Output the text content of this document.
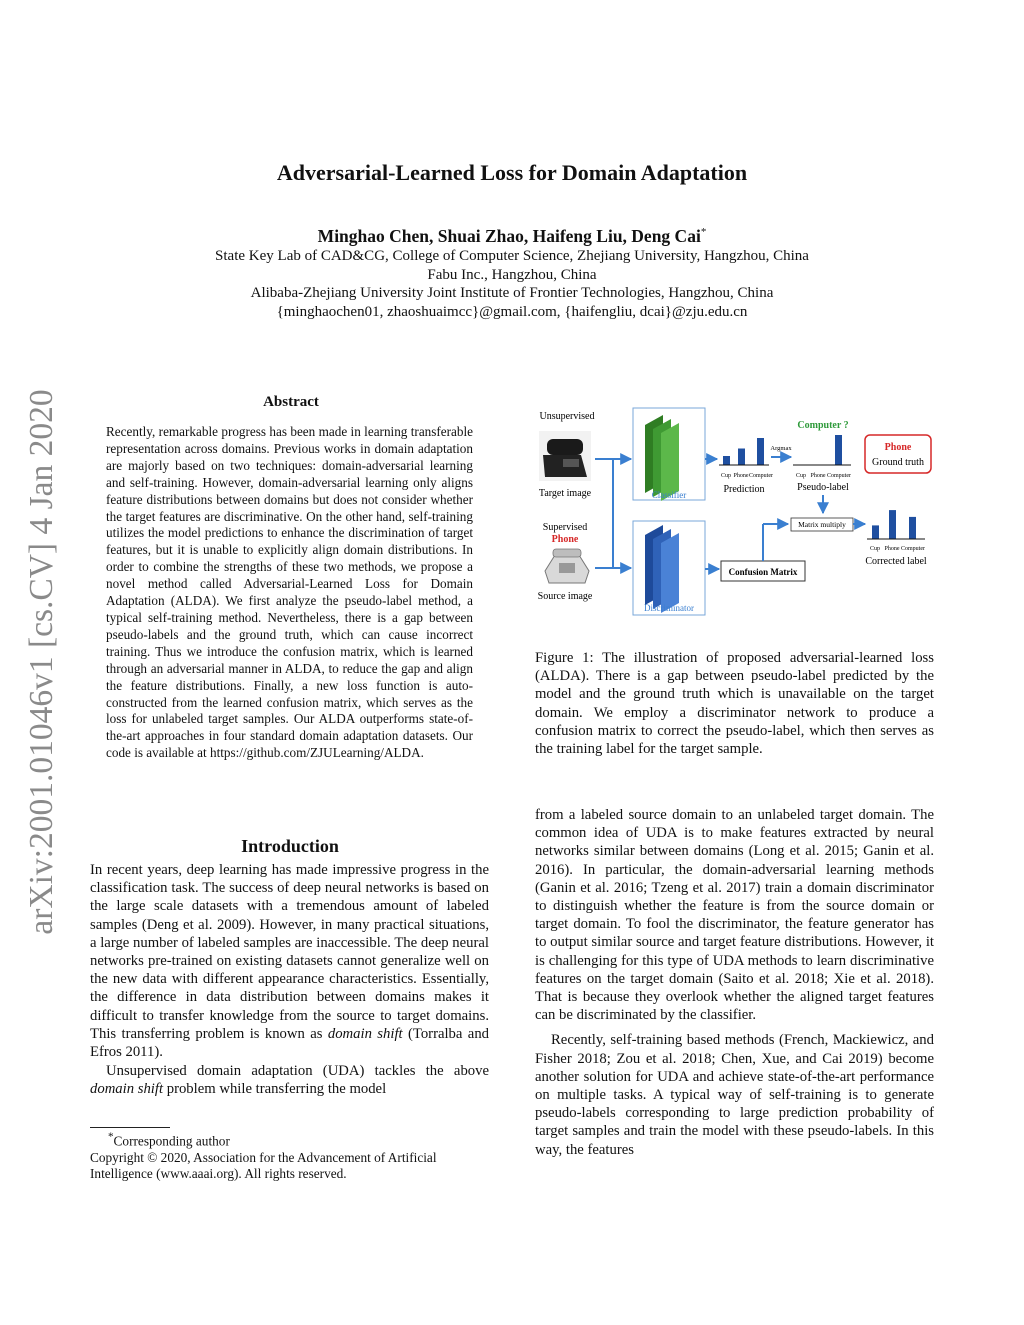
arXiv:2001.01046v1 [cs.CV] 4 Jan 2020
Adversarial-Learned Loss for Domain Adaptation
Minghao Chen, Shuai Zhao, Haifeng Liu, Deng Cai*
State Key Lab of CAD&CG, College of Computer Science, Zhejiang University, Hangzhou, China
Fabu Inc., Hangzhou, China
Alibaba-Zhejiang University Joint Institute of Frontier Technologies, Hangzhou, China
{minghaochen01, zhaoshuaimcc}@gmail.com, {haifengliu, dcai}@zju.edu.cn
Abstract

Recently, remarkable progress has been made in learning transferable representation across domains. Previous works in domain adaptation are majorly based on two techniques: domain-adversarial learning and self-training. However, domain-adversarial learning only aligns feature distributions between domains but does not consider whether the target features are discriminative. On the other hand, self-training utilizes the model predictions to enhance the discrimination of target features, but it is unable to explicitly align domain distributions. In order to combine the strengths of these two methods, we propose a novel method called Adversarial-Learned Loss for Domain Adaptation (ALDA). We first analyze the pseudo-label method, a typical self-training method. Nevertheless, there is a gap between pseudo-labels and the ground truth, which can cause incorrect training. Thus we introduce the confusion matrix, which is learned through an adversarial manner in ALDA, to reduce the gap and align the feature distributions. Finally, a new loss function is auto-constructed from the learned confusion matrix, which serves as the loss for unlabeled target samples. Our ALDA outperforms state-of-the-art approaches in four standard domain adaptation datasets. Our code is available at https://github.com/ZJULearning/ALDA.

Introduction

In recent years, deep learning has made impressive progress in the classification task. The success of deep neural networks is based on the large scale datasets with a tremendous amount of labeled samples (Deng et al. 2009). However, in many practical situations, a large number of labeled samples are inaccessible. The deep neural networks pre-trained on existing datasets cannot generalize well on the new data with different appearance characteristics. Essentially, the difference in data distribution between domains makes it difficult to transfer knowledge from the source to target domains. This transferring problem is known as domain shift (Torralba and Efros 2011).

Unsupervised domain adaptation (UDA) tackles the above domain shift problem while transferring the model

*Corresponding author
Copyright © 2020, Association for the Advancement of Artificial Intelligence (www.aaai.org). All rights reserved.
Unsupervised
Target image
Supervised
Phone
Source image
Classifier
Discriminator
Cup Phone Computer
Prediction
Argmax
Cup Phone Computer
Pseudo-label
Computer ?
Phone
Ground truth
Matrix multiply
Confusion Matrix
Cup Phone Computer
Corrected label

Figure 1: The illustration of proposed adversarial-learned loss (ALDA). There is a gap between pseudo-label predicted by the model and the ground truth which is unavailable on the target domain. We employ a discriminator network to produce a confusion matrix to correct the pseudo-label, which then serves as the training label for the target sample.

from a labeled source domain to an unlabeled target domain. The common idea of UDA is to make features extracted by neural networks similar between domains (Long et al. 2015; Ganin et al. 2016). In particular, the domain-adversarial learning methods (Ganin et al. 2016; Tzeng et al. 2017) train a domain discriminator to distinguish whether the feature is from the source domain or target domain. To fool the discriminator, the feature generator has to output similar source and target feature distributions. However, it is challenging for this type of UDA methods to learn discriminative features on the target domain (Saito et al. 2018; Xie et al. 2018). That is because they overlook whether the aligned target features can be discriminated by the classifier.

Recently, self-training based methods (French, Mackiewicz, and Fisher 2018; Zou et al. 2018; Chen, Xue, and Cai 2019) become another solution for UDA and achieve state-of-the-art performance on multiple tasks. A typical way of self-training is to generate pseudo-labels corresponding to large prediction probability of target samples and train the model with these pseudo-labels. In this way, the features
